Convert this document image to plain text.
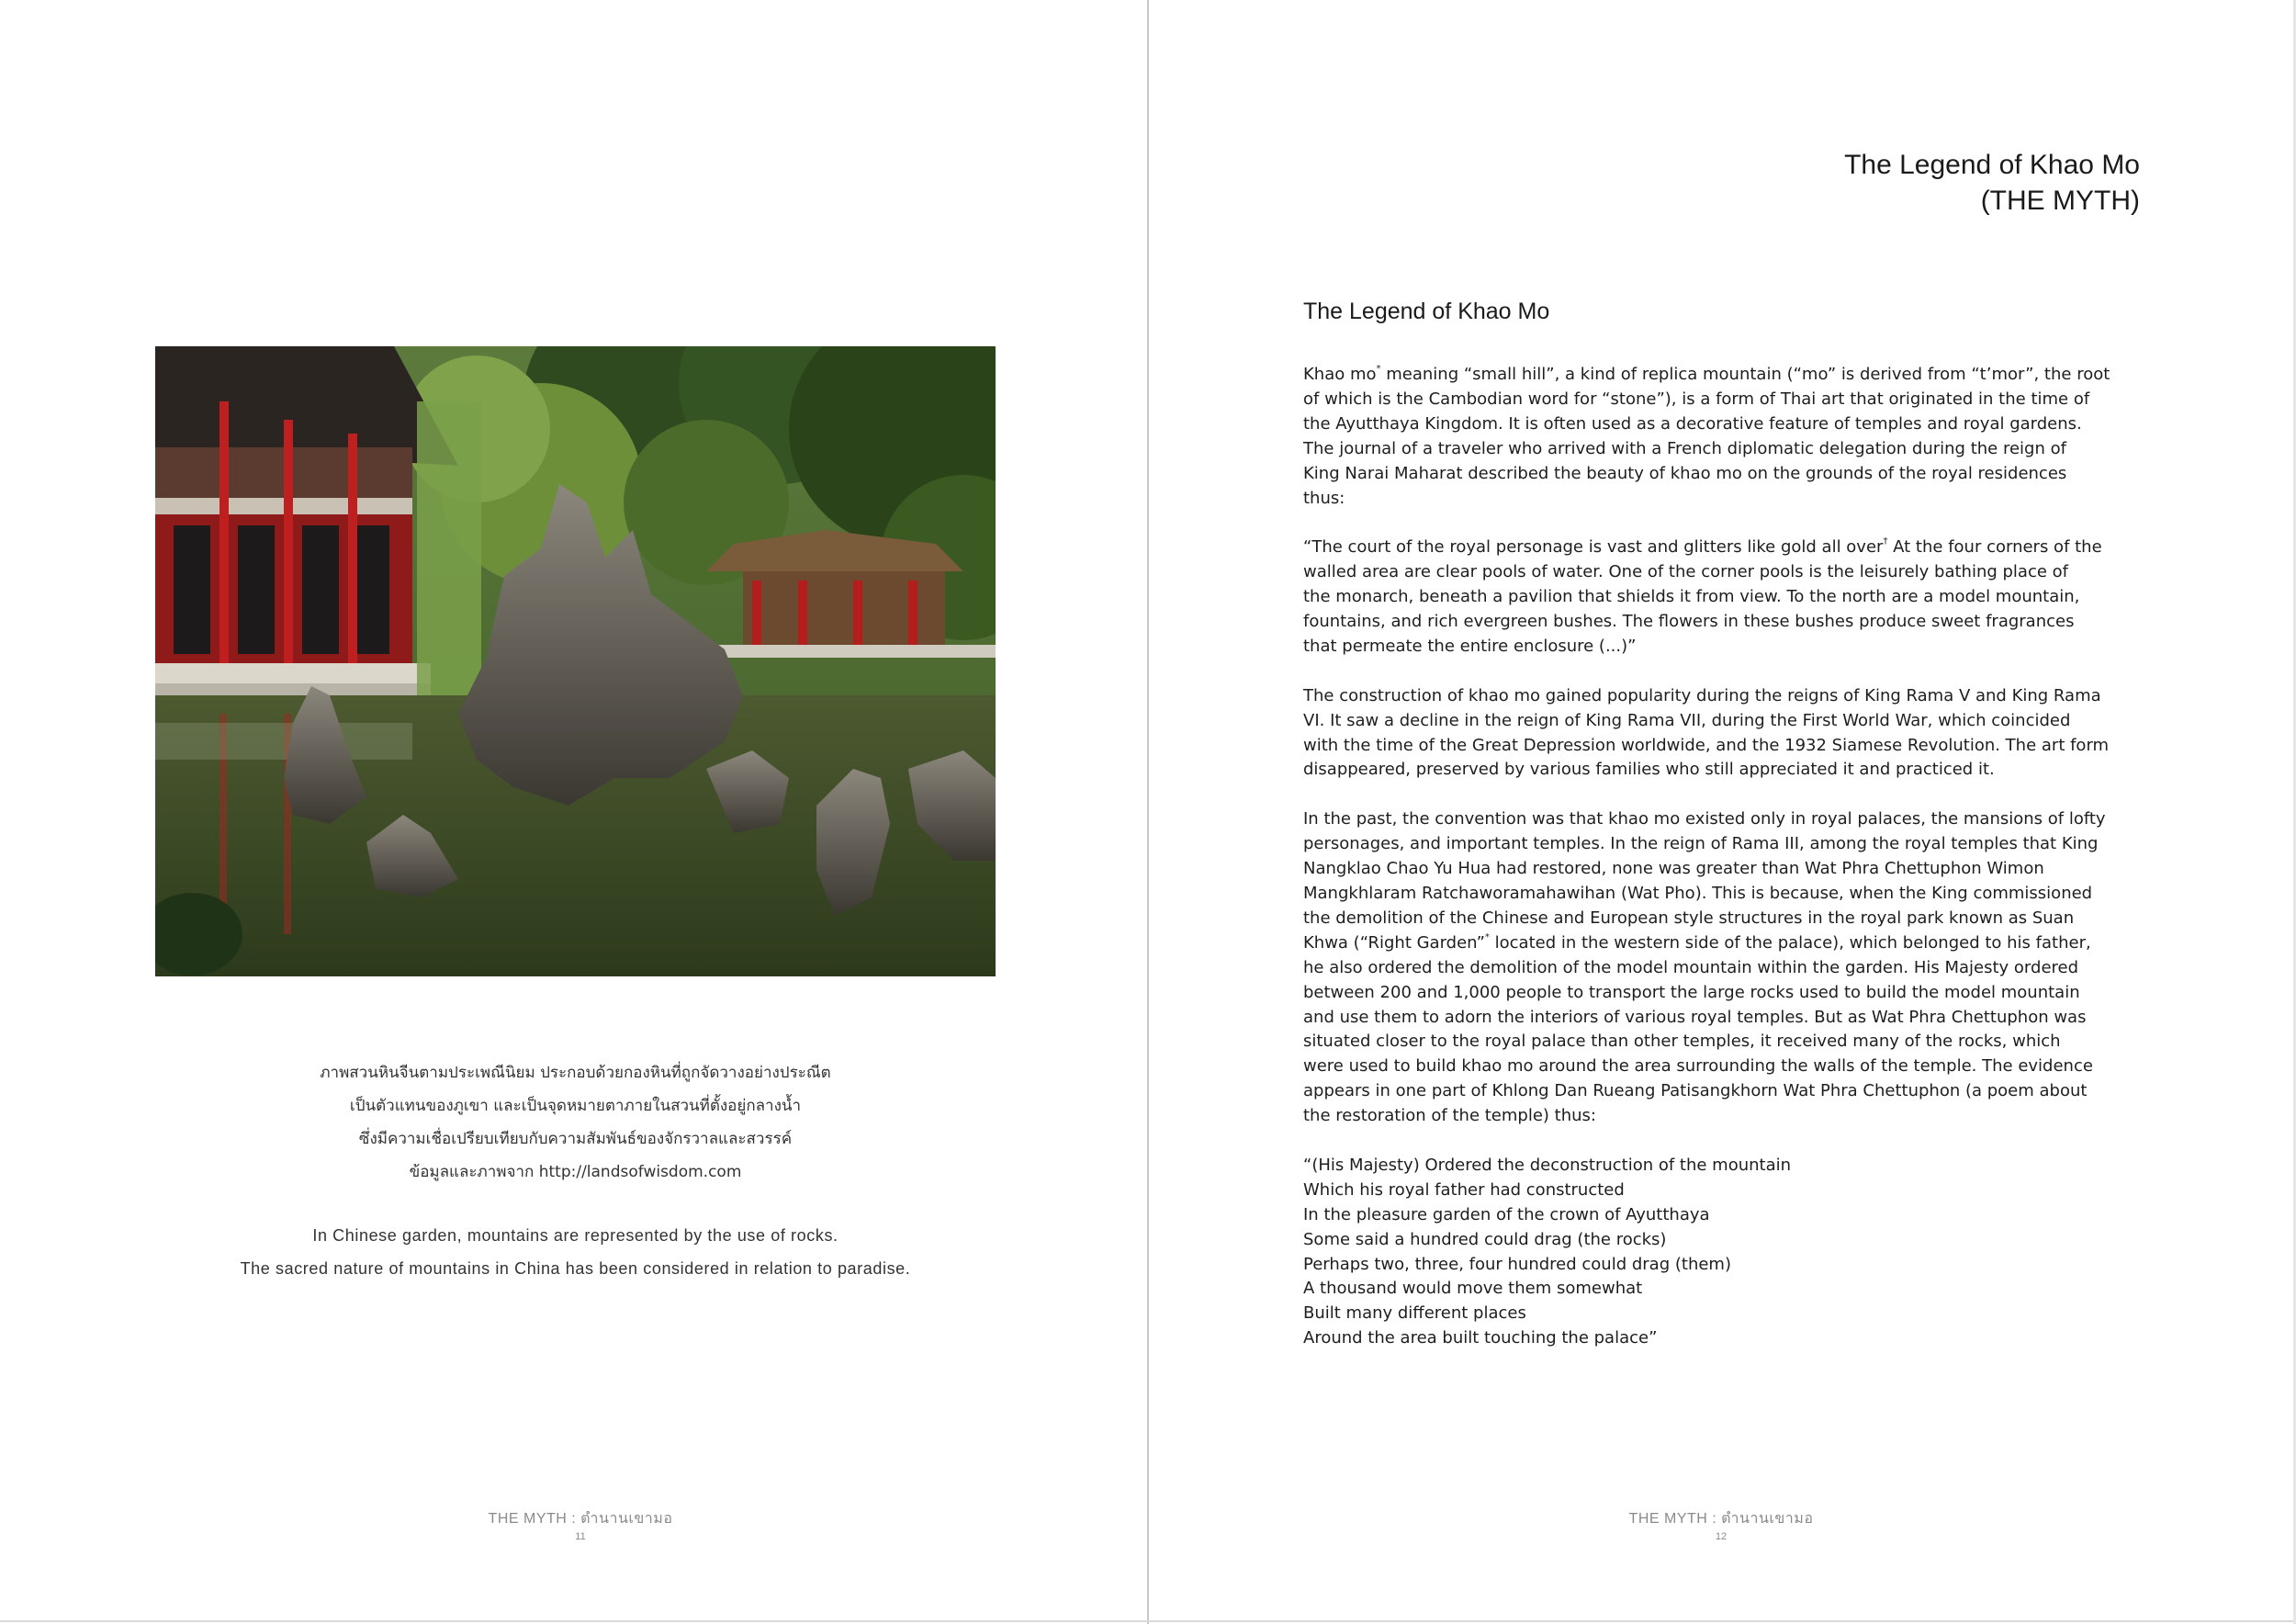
ภาพสวนหินจีนตามประเพณีนิยม ประกอบด้วยกองหินที่ถูกจัดวางอย่างประณีต
เป็นตัวแทนของภูเขา และเป็นจุดหมายตาภายในสวนที่ตั้งอยู่กลางน้ำ
ซึ่งมีความเชื่อเปรียบเทียบกับความสัมพันธ์ของจักรวาลและสวรรค์
ข้อมูลและภาพจาก http://landsofwisdom.com
In Chinese garden, mountains are represented by the use of rocks.
The sacred nature of mountains in China has been considered in relation to paradise.
THE MYTH : ตำนานเขามอ
11
The Legend of Khao Mo
(THE MYTH)
The Legend of Khao Mo
Khao mo* meaning “small hill”, a kind of replica mountain (“mo” is derived from “t’mor”, the root
of which is the Cambodian word for “stone”), is a form of Thai art that originated in the time of
the Ayutthaya Kingdom. It is often used as a decorative feature of temples and royal gardens.
The journal of a traveler who arrived with a French diplomatic delegation during the reign of
King Narai Maharat described the beauty of khao mo on the grounds of the royal residences
thus:
“The court of the royal personage is vast and glitters like gold all over† At the four corners of the
walled area are clear pools of water. One of the corner pools is the leisurely bathing place of
the monarch, beneath a pavilion that shields it from view. To the north are a model mountain,
fountains, and rich evergreen bushes. The flowers in these bushes produce sweet fragrances
that permeate the entire enclosure (...)”
The construction of khao mo gained popularity during the reigns of King Rama V and King Rama
VI. It saw a decline in the reign of King Rama VII, during the First World War, which coincided
with the time of the Great Depression worldwide, and the 1932 Siamese Revolution. The art form
disappeared, preserved by various families who still appreciated it and practiced it.
In the past, the convention was that khao mo existed only in royal palaces, the mansions of lofty
personages, and important temples. In the reign of Rama III, among the royal temples that King
Nangklao Chao Yu Hua had restored, none was greater than Wat Phra Chettuphon Wimon
Mangkhlaram Ratchaworamahawihan (Wat Pho). This is because, when the King commissioned
the demolition of the Chinese and European style structures in the royal park known as Suan
Khwa (“Right Garden”* located in the western side of the palace), which belonged to his father,
he also ordered the demolition of the model mountain within the garden. His Majesty ordered
between 200 and 1,000 people to transport the large rocks used to build the model mountain
and use them to adorn the interiors of various royal temples. But as Wat Phra Chettuphon was
situated closer to the royal palace than other temples, it received many of the rocks, which
were used to build khao mo around the area surrounding the walls of the temple. The evidence
appears in one part of Khlong Dan Rueang Patisangkhorn Wat Phra Chettuphon (a poem about
the restoration of the temple) thus:
“(His Majesty) Ordered the deconstruction of the mountain
Which his royal father had constructed
In the pleasure garden of the crown of Ayutthaya
Some said a hundred could drag (the rocks)
Perhaps two, three, four hundred could drag (them)
A thousand would move them somewhat
Built many different places
Around the area built touching the palace”
THE MYTH : ตำนานเขามอ
12
